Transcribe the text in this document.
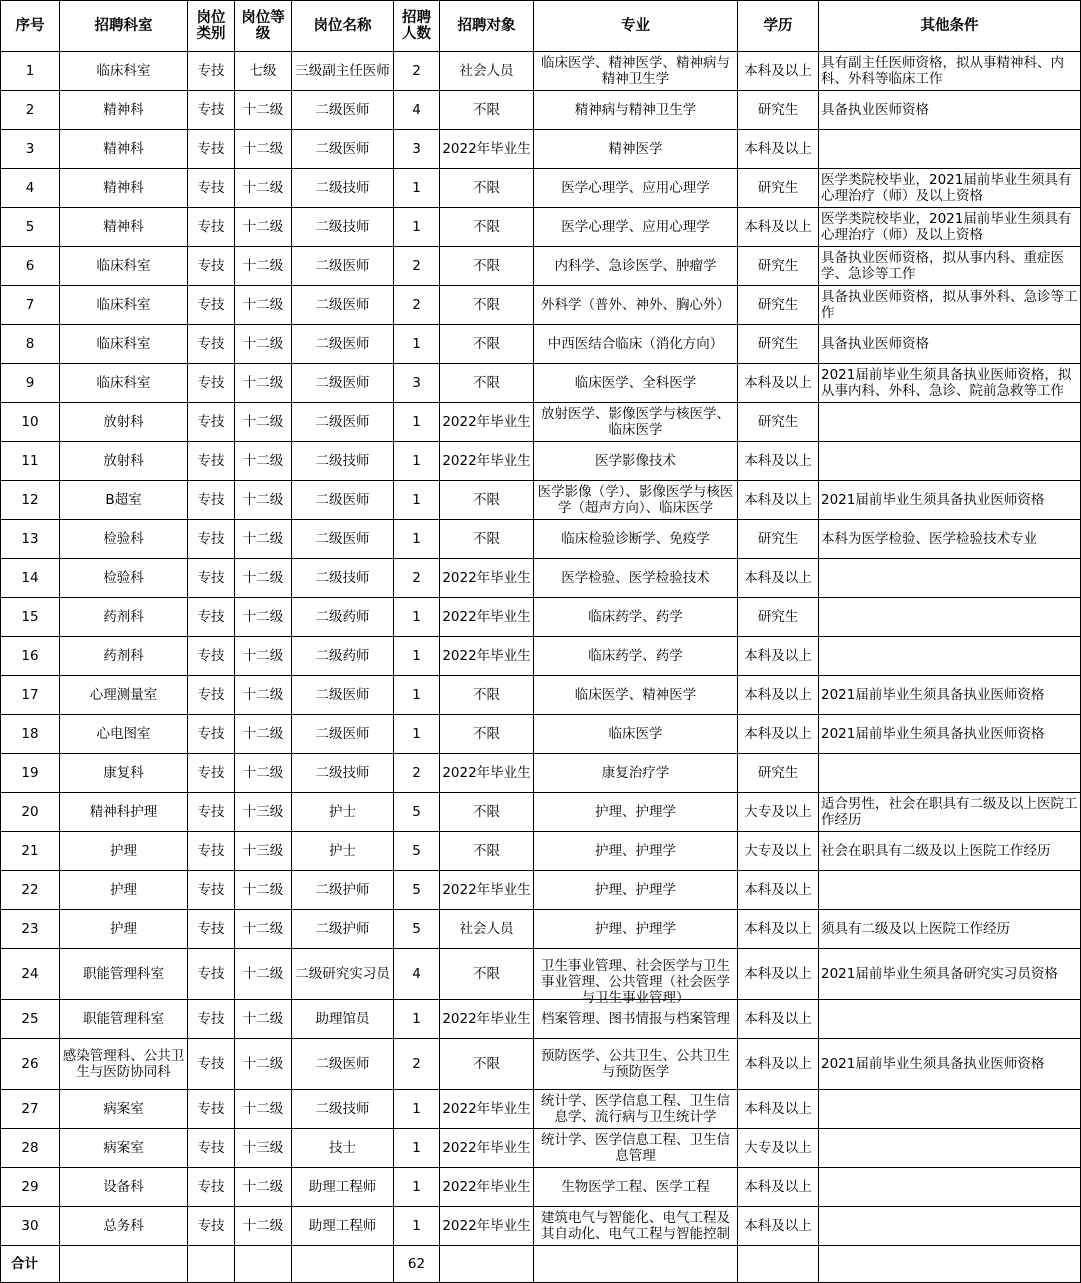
序号	招聘科室	岗位类别	岗位等级	岗位名称	招聘人数	招聘对象	专业	学历	其他条件

1	临床科室	专技	七级	三级副主任医师	2	社会人员	临床医学、精神医学、精神病与精神卫生学	本科及以上	具有副主任医师资格，拟从事精神科、内科、外科等临床工作

2	精神科	专技	十二级	二级医师	4	不限	精神病与精神卫生学	研究生	具备执业医师资格

3	精神科	专技	十二级	二级医师	3	2022年毕业生	精神医学	本科及以上	

4	精神科	专技	十二级	二级技师	1	不限	医学心理学、应用心理学	研究生	医学类院校毕业，2021届前毕业生须具有心理治疗（师）及以上资格

5	精神科	专技	十二级	二级技师	1	不限	医学心理学、应用心理学	本科及以上	医学类院校毕业，2021届前毕业生须具有心理治疗（师）及以上资格

6	临床科室	专技	十二级	二级医师	2	不限	内科学、急诊医学、肿瘤学	研究生	具备执业医师资格，拟从事内科、重症医学、急诊等工作

7	临床科室	专技	十二级	二级医师	2	不限	外科学（普外、神外、胸心外）	研究生	具备执业医师资格，拟从事外科、急诊等工作

8	临床科室	专技	十二级	二级医师	1	不限	中西医结合临床（消化方向）	研究生	具备执业医师资格

9	临床科室	专技	十二级	二级医师	3	不限	临床医学、全科医学	本科及以上	2021届前毕业生须具备执业医师资格，拟从事内科、外科、急诊、院前急救等工作

10	放射科	专技	十二级	二级医师	1	2022年毕业生	放射医学、影像医学与核医学、临床医学	研究生	

11	放射科	专技	十二级	二级技师	1	2022年毕业生	医学影像技术	本科及以上	

12	B超室	专技	十二级	二级医师	1	不限	医学影像（学）、影像医学与核医学（超声方向）、临床医学	本科及以上	2021届前毕业生须具备执业医师资格

13	检验科	专技	十二级	二级医师	1	不限	临床检验诊断学、免疫学	研究生	本科为医学检验、医学检验技术专业

14	检验科	专技	十二级	二级技师	2	2022年毕业生	医学检验、医学检验技术	本科及以上	

15	药剂科	专技	十二级	二级药师	1	2022年毕业生	临床药学、药学	研究生	

16	药剂科	专技	十二级	二级药师	1	2022年毕业生	临床药学、药学	本科及以上	

17	心理测量室	专技	十二级	二级医师	1	不限	临床医学、精神医学	本科及以上	2021届前毕业生须具备执业医师资格

18	心电图室	专技	十二级	二级医师	1	不限	临床医学	本科及以上	2021届前毕业生须具备执业医师资格

19	康复科	专技	十二级	二级技师	2	2022年毕业生	康复治疗学	研究生	

20	精神科护理	专技	十三级	护士	5	不限	护理、护理学	大专及以上	适合男性，社会在职具有二级及以上医院工作经历

21	护理	专技	十三级	护士	5	不限	护理、护理学	大专及以上	社会在职具有二级及以上医院工作经历

22	护理	专技	十二级	二级护师	5	2022年毕业生	护理、护理学	本科及以上	

23	护理	专技	十二级	二级护师	5	社会人员	护理、护理学	本科及以上	须具有二级及以上医院工作经历

24	职能管理科室	专技	十二级	二级研究实习员	4	不限	卫生事业管理、社会医学与卫生事业管理、公共管理（社会医学与卫生事业管理）	本科及以上	2021届前毕业生须具备研究实习员资格

25	职能管理科室	专技	十二级	助理馆员	1	2022年毕业生	档案管理、图书情报与档案管理	本科及以上	

26	感染管理科、公共卫生与医防协同科	专技	十二级	二级医师	2	不限	预防医学、公共卫生、公共卫生与预防医学	本科及以上	2021届前毕业生须具备执业医师资格

27	病案室	专技	十二级	二级技师	1	2022年毕业生	统计学、医学信息工程、卫生信息学、流行病与卫生统计学	本科及以上	

28	病案室	专技	十三级	技士	1	2022年毕业生	统计学、医学信息工程、卫生信息管理	大专及以上	

29	设备科	专技	十二级	助理工程师	1	2022年毕业生	生物医学工程、医学工程	本科及以上	

30	总务科	专技	十二级	助理工程师	1	2022年毕业生	建筑电气与智能化、电气工程及其自动化、电气工程与智能控制	本科及以上	

合计					62				
